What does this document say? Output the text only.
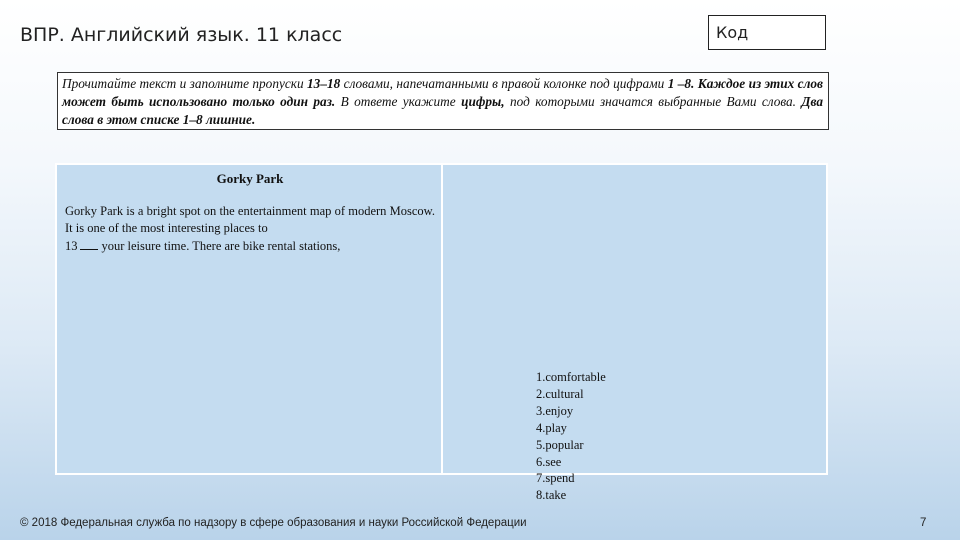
ВПР. Английский язык. 11 класс	Код
Прочитайте текст и заполните пропуски 13–18 словами, напечатанными в правой колонке под цифрами 1 –8. Каждое из этих слов может быть использовано только один раз. В ответе укажите цифры, под которыми значатся выбранные Вами слова. Два слова в этом списке 1–8 лишние.
Gorky Park
Gorky Park is a bright spot on the entertainment map of modern Moscow. It is one of the most interesting places to
13 your leisure time. There are bike rental stations,
1.comfortable
2.cultural
3.enjoy
4.play
5.popular
6.see
7.spend
8.take
© 2018 Федеральная служба по надзору в сфере образования и науки Российской Федерации	7
